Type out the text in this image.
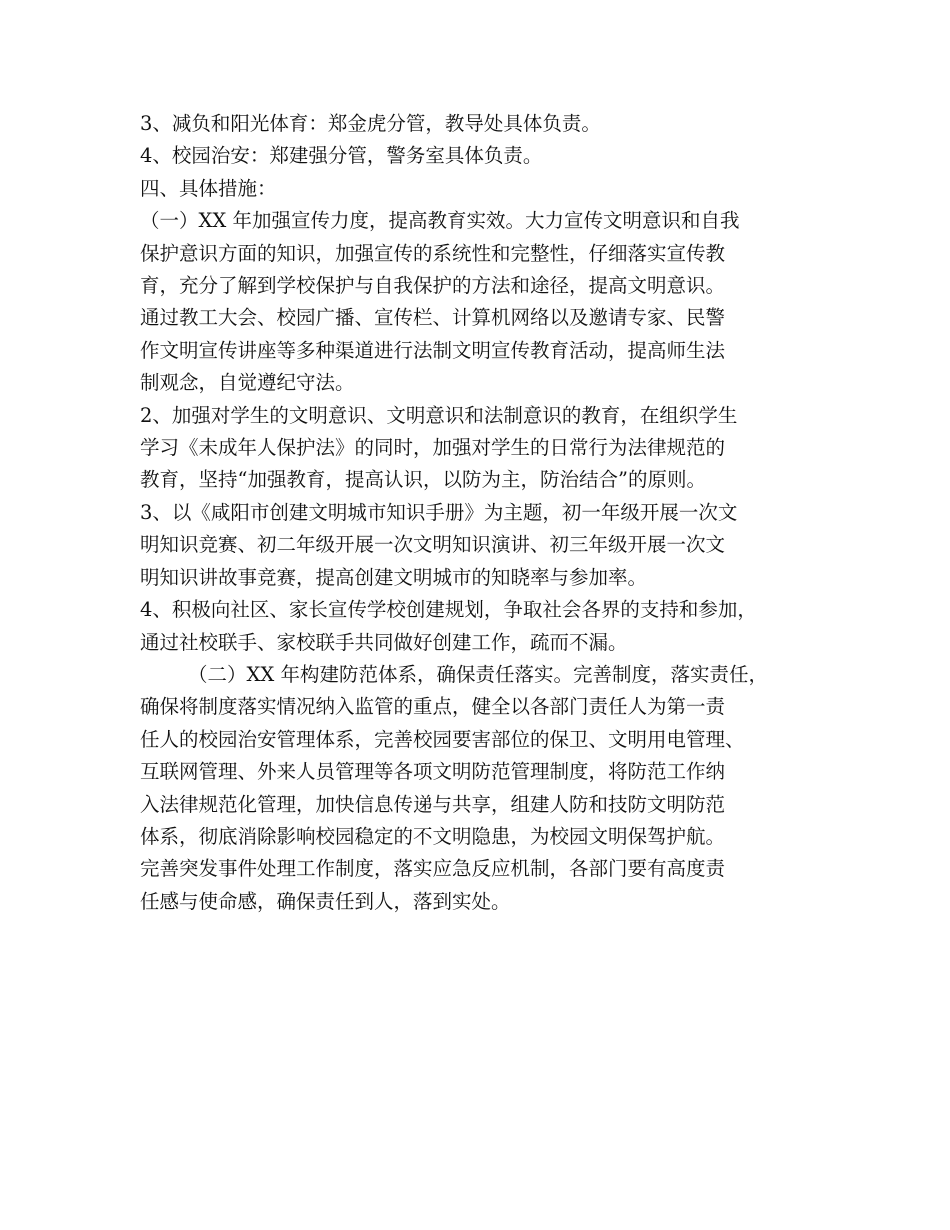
3、减负和阳光体育：郑金虎分管，教导处具体负责。
4、校园治安：郑建强分管，警务室具体负责。
四、具体措施：
（一）XX 年加强宣传力度，提高教育实效。大力宣传文明意识和自我
保护意识方面的知识，加强宣传的系统性和完整性，仔细落实宣传教
育，充分了解到学校保护与自我保护的方法和途径，提高文明意识。
通过教工大会、校园广播、宣传栏、计算机网络以及邀请专家、民警
作文明宣传讲座等多种渠道进行法制文明宣传教育活动，提高师生法
制观念，自觉遵纪守法。
2、加强对学生的文明意识、文明意识和法制意识的教育，在组织学生
学习《未成年人保护法》的同时，加强对学生的日常行为法律规范的
教育，坚持“加强教育，提高认识，以防为主，防治结合”的原则。
3、以《咸阳市创建文明城市知识手册》为主题，初一年级开展一次文
明知识竞赛、初二年级开展一次文明知识演讲、初三年级开展一次文
明知识讲故事竞赛，提高创建文明城市的知晓率与参加率。
4、积极向社区、家长宣传学校创建规划，争取社会各界的支持和参加，
通过社校联手、家校联手共同做好创建工作，疏而不漏。
（二）XX 年构建防范体系，确保责任落实。完善制度，落实责任，
确保将制度落实情况纳入监管的重点，健全以各部门责任人为第一责
任人的校园治安管理体系，完善校园要害部位的保卫、文明用电管理、
互联网管理、外来人员管理等各项文明防范管理制度，将防范工作纳
入法律规范化管理，加快信息传递与共享，组建人防和技防文明防范
体系，彻底消除影响校园稳定的不文明隐患，为校园文明保驾护航。
完善突发事件处理工作制度，落实应急反应机制，各部门要有高度责
任感与使命感，确保责任到人，落到实处。
